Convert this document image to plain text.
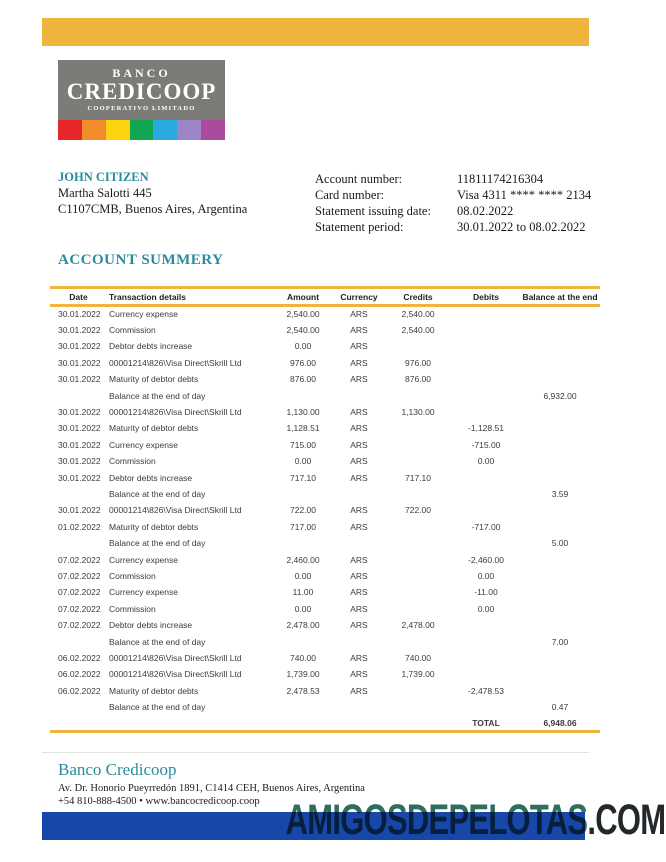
BANCO
CREDICOOP
COOPERATIVO LIMITADO
JOHN CITIZEN
Martha Salotti 445
C1107CMB, Buenos Aires, Argentina
Account number:	11811174216304
Card number:	Visa 4311 **** **** 2134
Statement issuing date:	08.02.2022
Statement period:	30.01.2022 to 08.02.2022
ACCOUNT SUMMERY
Date	Transaction details	Amount	Currency	Credits	Debits	Balance at the end
30.01.2022	Currency expense	2,540.00	ARS	2,540.00		
30.01.2022	Commission	2,540.00	ARS	2,540.00		
30.01.2022	Debtor debts increase	0.00	ARS			
30.01.2022	00001214\826\Visa Direct\Skrill Ltd	976.00	ARS	976.00		
30.01.2022	Maturity of debtor debts	876.00	ARS	876.00		
	Balance at the end of day					6,932.00
30.01.2022	00001214\826\Visa Direct\Skrill Ltd	1,130.00	ARS	1,130.00		
30.01.2022	Maturity of debtor debts	1,128.51	ARS		-1,128.51	
30.01.2022	Currency expense	715.00	ARS		-715.00	
30.01.2022	Commission	0.00	ARS		0.00	
30.01.2022	Debtor debts increase	717.10	ARS	717.10		
	Balance at the end of day					3.59
30.01.2022	00001214\826\Visa Direct\Skrill Ltd	722.00	ARS	722.00		
01.02.2022	Maturity of debtor debts	717.00	ARS		-717.00	
	Balance at the end of day					5.00
07.02.2022	Currency expense	2,460.00	ARS		-2,460.00	
07.02.2022	Commission	0.00	ARS		0.00	
07.02.2022	Currency expense	11.00	ARS		-11.00	
07.02.2022	Commission	0.00	ARS		0.00	
07.02.2022	Debtor debts increase	2,478.00	ARS	2,478.00		
	Balance at the end of day					7.00
06.02.2022	00001214\826\Visa Direct\Skrill Ltd	740.00	ARS	740.00		
06.02.2022	00001214\826\Visa Direct\Skrill Ltd	1,739.00	ARS	1,739.00		
06.02.2022	Maturity of debtor debts	2,478.53	ARS		-2,478.53	
	Balance at the end of day					0.47
					TOTAL	6,948.06
Banco Credicoop
Av. Dr. Honorio Pueyrredón 1891, C1414 CEH, Buenos Aires, Argentina
+54 810-888-4500 • www.bancocredicoop.coop AMIGOSDEPELOTAS.COM
